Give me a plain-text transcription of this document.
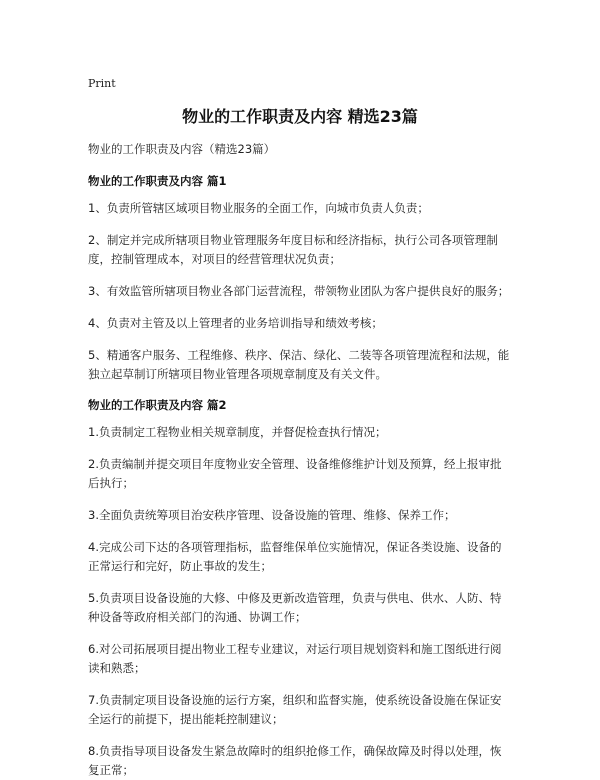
Print
物业的工作职责及内容 精选23篇

物业的工作职责及内容（精选23篇）

物业的工作职责及内容 篇1

1、负责所管辖区域项目物业服务的全面工作，向城市负责人负责；

2、制定并完成所辖项目物业管理服务年度目标和经济指标，执行公司各项管理制度，控制管理成本，对项目的经营管理状况负责；

3、有效监管所辖项目物业各部门运营流程，带领物业团队为客户提供良好的服务；

4、负责对主管及以上管理者的业务培训指导和绩效考核；

5、精通客户服务、工程维修、秩序、保洁、绿化、二装等各项管理流程和法规，能独立起草制订所辖项目物业管理各项规章制度及有关文件。

物业的工作职责及内容 篇2

1.负责制定工程物业相关规章制度，并督促检查执行情况；

2.负责编制并提交项目年度物业安全管理、设备维修维护计划及预算，经上报审批后执行；

3.全面负责统筹项目治安秩序管理、设备设施的管理、维修、保养工作；

4.完成公司下达的各项管理指标，监督维保单位实施情况，保证各类设施、设备的正常运行和完好，防止事故的发生；

5.负责项目设备设施的大修、中修及更新改造管理，负责与供电、供水、人防、特种设备等政府相关部门的沟通、协调工作；

6.对公司拓展项目提出物业工程专业建议，对运行项目规划资料和施工图纸进行阅读和熟悉；

7.负责制定项目设备设施的运行方案，组织和监督实施，使系统设备设施在保证安全运行的前提下，提出能耗控制建议；

8.负责指导项目设备发生紧急故障时的组织抢修工作，确保故障及时得以处理，恢复正常；
